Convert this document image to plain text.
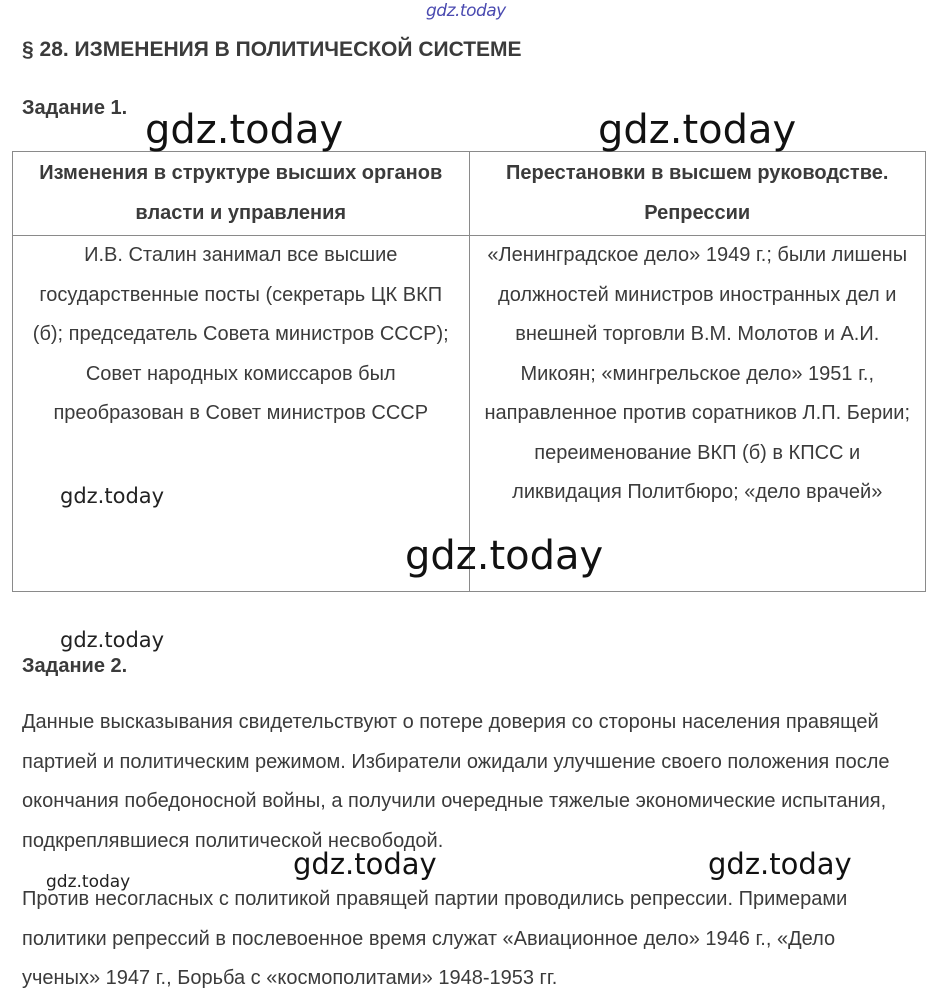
§ 28. ИЗМЕНЕНИЯ В ПОЛИТИЧЕСКОЙ СИСТЕМЕ
Задание 1.
Изменения в структуре высших органов власти и управления	Перестановки в высшем руководстве. Репрессии
И.В. Сталин занимал все высшие государственные посты (секретарь ЦК ВКП (б); председатель Совета министров СССР); Совет народных комиссаров был преобразован в Совет министров СССР	«Ленинградское дело» 1949 г.; были лишены должностей министров иностранных дел и внешней торговли В.М. Молотов и А.И. Микоян; «мингрельское дело» 1951 г., направленное против соратников Л.П. Берии; переименование ВКП (б) в КПСС и ликвидация Политбюро; «дело врачей»
Задание 2.

Данные высказывания свидетельствуют о потере доверия со стороны населения правящей партией и политическим режимом. Избиратели ожидали улучшение своего положения после окончания победоносной войны, а получили очередные тяжелые экономические испытания, подкреплявшиеся политической несвободой.

Против несогласных с политикой правящей партии проводились репрессии. Примерами политики репрессий в послевоенное время служат «Авиационное дело» 1946 г., «Дело ученых» 1947 г., Борьба с «космополитами» 1948-1953 гг.

gdz.today
gdz.today	gdz.today
gdz.today
gdz.today
gdz.today
gdz.today	gdz.today
gdz.today
